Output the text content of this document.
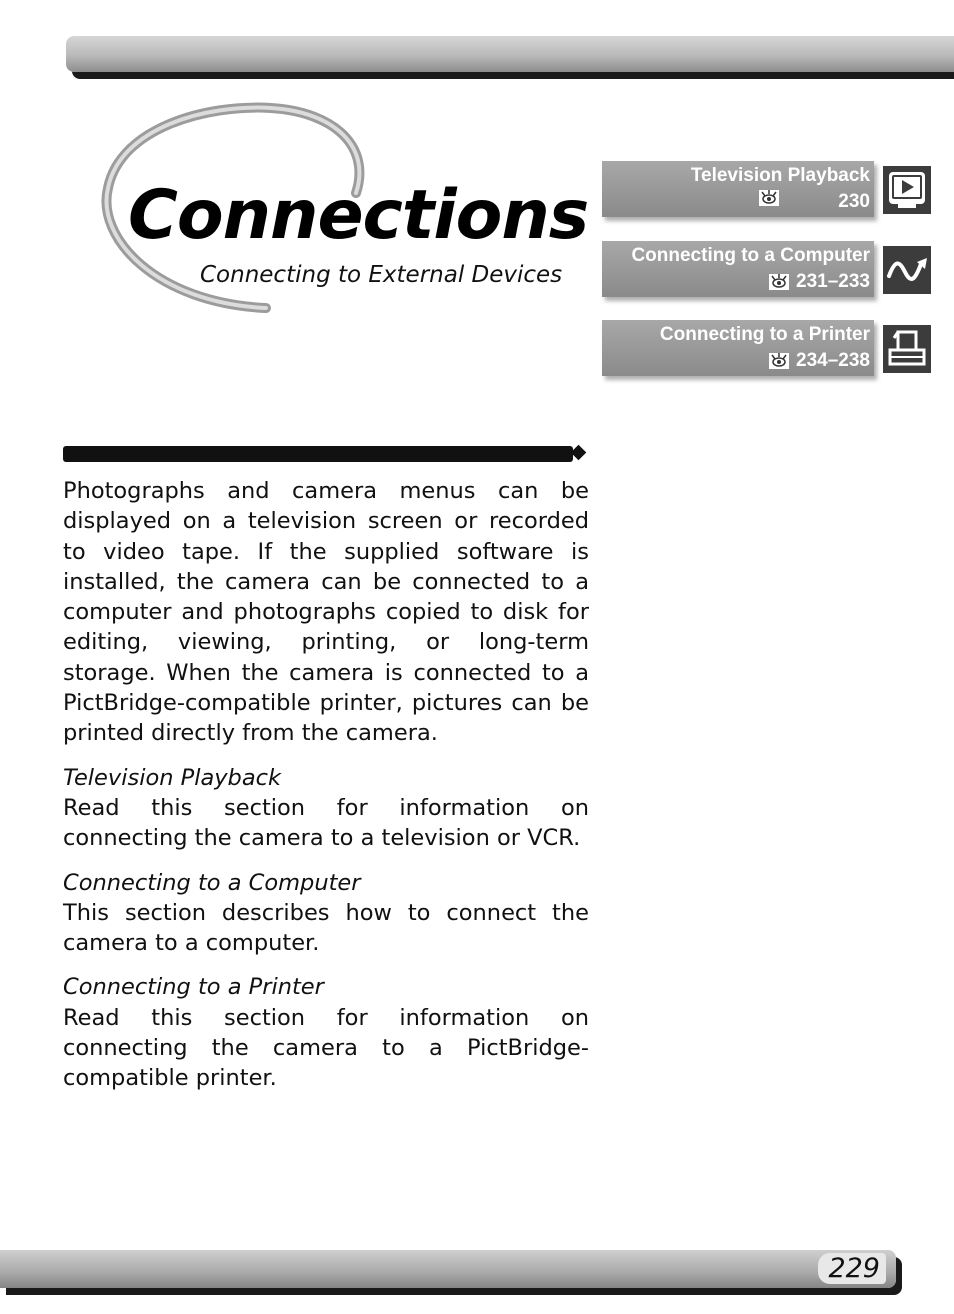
Connections
Connecting to External Devices
Television Playback
230
Connecting to a Computer
231–233
Connecting to a Printer
234–238

Photographs and camera menus can be displayed on a television screen or recorded to video tape. If the supplied software is installed, the camera can be connected to a computer and photographs copied to disk for editing, viewing, printing, or long-term storage. When the camera is connected to a PictBridge-compatible printer, pictures can be printed directly from the camera.

Television Playback
Read this section for information on connecting the camera to a television or VCR.
Connecting to a Computer
This section describes how to connect the camera to a computer.
Connecting to a Printer
Read this section for information on connecting the camera to a PictBridge-compatible printer.
229
